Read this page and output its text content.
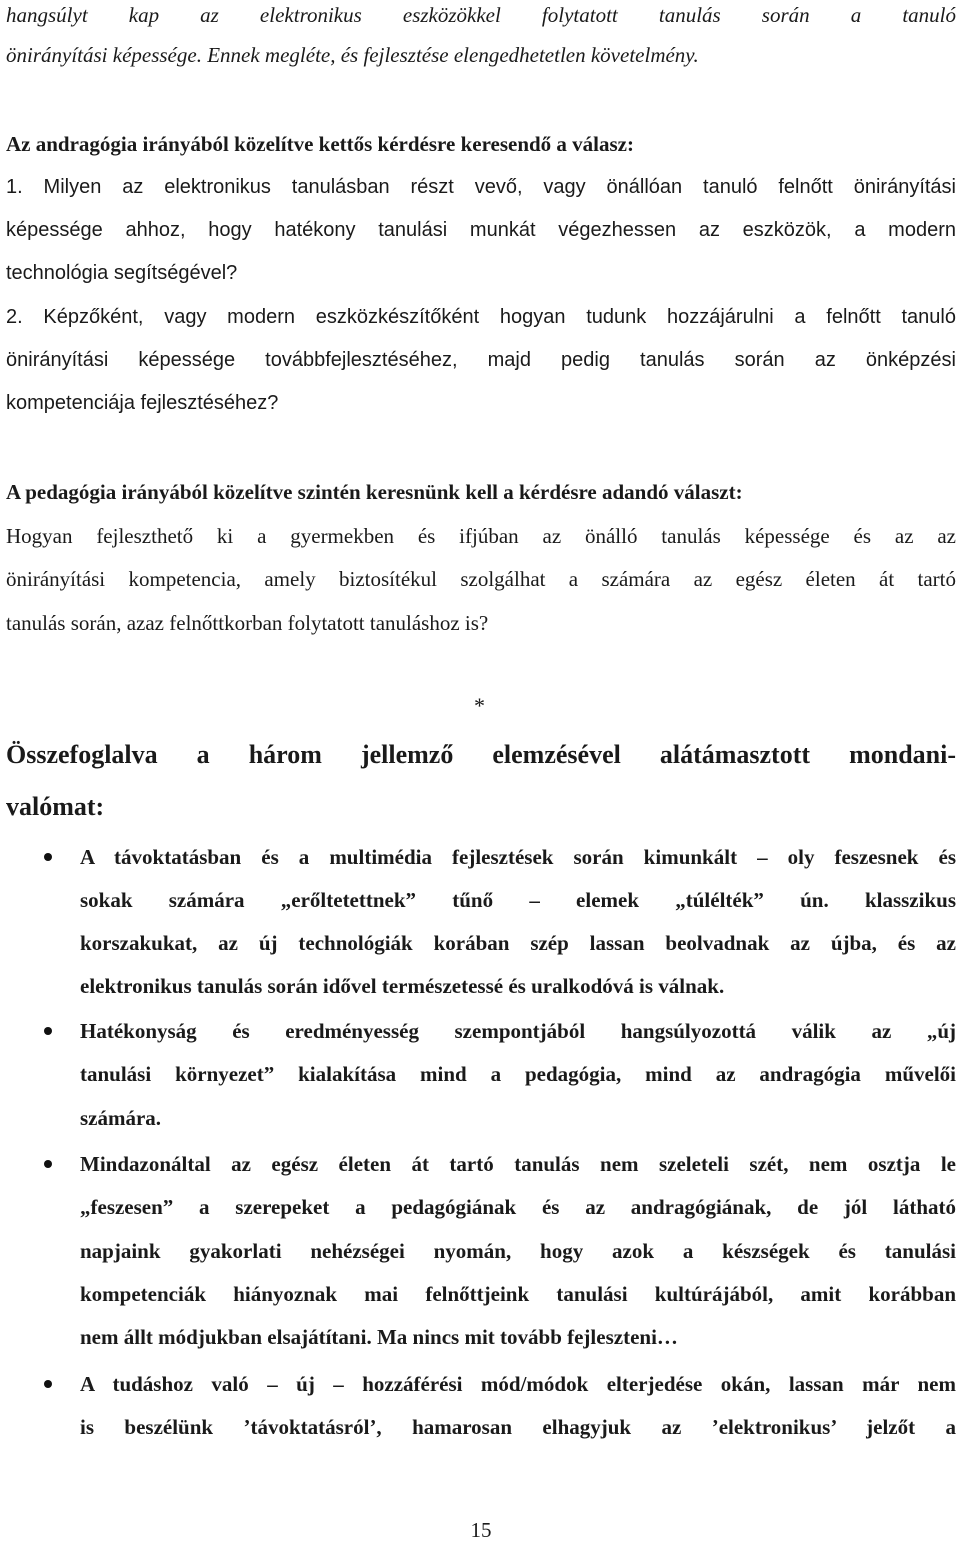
hangsúlyt kap az elektronikus eszközökkel folytatott tanulás során a tanuló
önirányítási képessége. Ennek megléte, és fejlesztése elengedhetetlen követelmény.
Az andragógia irányából közelítve kettős kérdésre keresendő a válasz:
1. Milyen az elektronikus tanulásban részt vevő, vagy önállóan tanuló felnőtt önirányítási
képessége ahhoz, hogy hatékony tanulási munkát végezhessen az eszközök, a modern
technológia segítségével?
2. Képzőként, vagy modern eszközkészítőként hogyan tudunk hozzájárulni a felnőtt tanuló
önirányítási képessége továbbfejlesztéséhez, majd pedig tanulás során az önképzési
kompetenciája fejlesztéséhez?
A pedagógia irányából közelítve szintén keresnünk kell a kérdésre adandó választ:
Hogyan fejleszthető ki a gyermekben és ifjúban az önálló tanulás képessége és az az
önirányítási kompetencia, amely biztosítékul szolgálhat a számára az egész életen át tartó
tanulás során, azaz felnőttkorban folytatott tanuláshoz is?
*
Összefoglalva a három jellemző elemzésével alátámasztott mondani-
valómat:
A távoktatásban és a multimédia fejlesztések során kimunkált – oly feszesnek és
sokak számára „erőltetettnek” tűnő – elemek „túlélték” ún. klasszikus
korszakukat, az új technológiák korában szép lassan beolvadnak az újba, és az
elektronikus tanulás során idővel természetessé és uralkodóvá is válnak.
Hatékonyság és eredményesség szempontjából hangsúlyozottá válik az „új
tanulási környezet” kialakítása mind a pedagógia, mind az andragógia művelői
számára.
Mindazonáltal az egész életen át tartó tanulás nem szeleteli szét, nem osztja le
„feszesen” a szerepeket a pedagógiának és az andragógiának, de jól látható
napjaink gyakorlati nehézségei nyomán, hogy azok a készségek és tanulási
kompetenciák hiányoznak mai felnőttjeink tanulási kultúrájából, amit korábban
nem állt módjukban elsajátítani. Ma nincs mit tovább fejleszteni…
A tudáshoz való – új – hozzáférési mód/módok elterjedése okán, lassan már nem
is beszélünk ’távoktatásról’, hamarosan elhagyjuk az ’elektronikus’ jelzőt a
15
